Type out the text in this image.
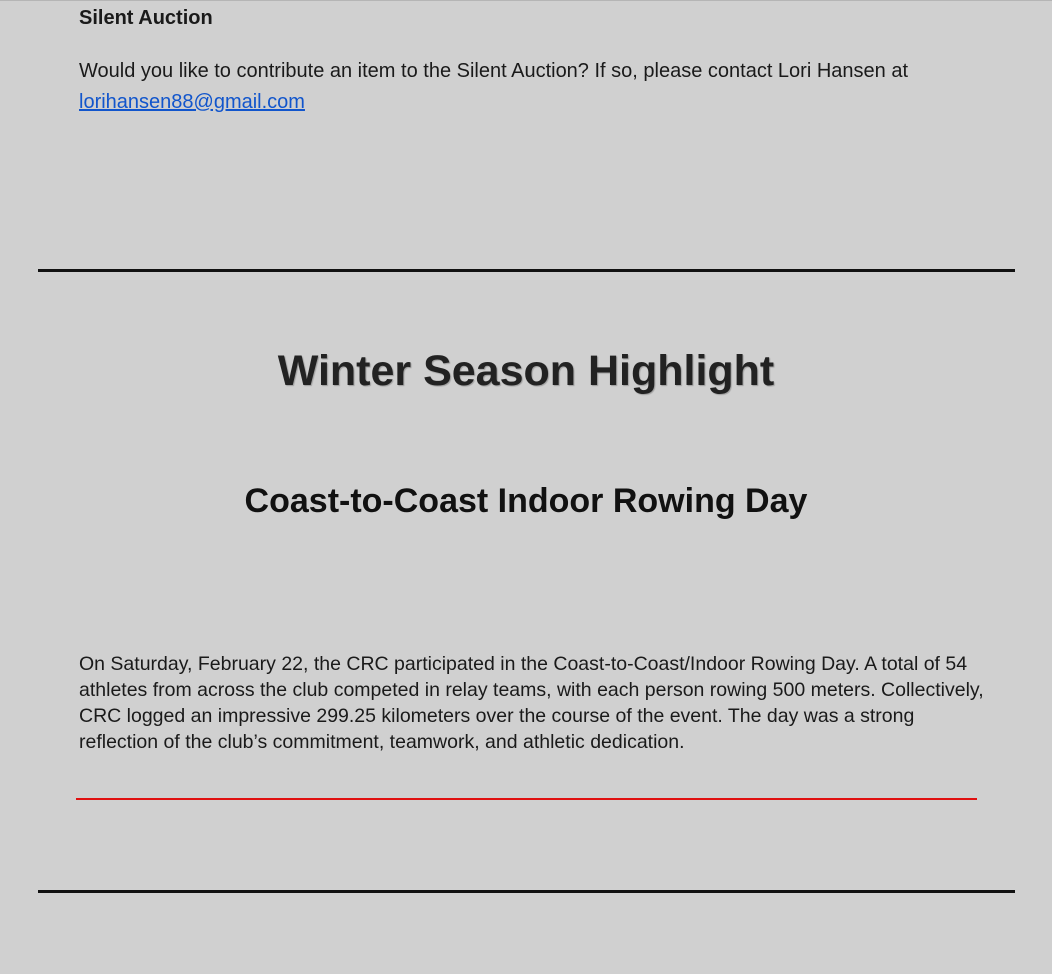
Silent Auction
Would you like to contribute an item to the Silent Auction? If so, please contact Lori Hansen at
lorihansen88@gmail.com
Winter Season Highlight
Coast-to-Coast Indoor Rowing Day
On Saturday, February 22, the CRC participated in the Coast-to-Coast/Indoor Rowing Day. A total of 54 athletes from across the club competed in relay teams, with each person rowing 500 meters. Collectively, CRC logged an impressive 299.25 kilometers over the course of the event. The day was a strong reflection of the club’s commitment, teamwork, and athletic dedication.
